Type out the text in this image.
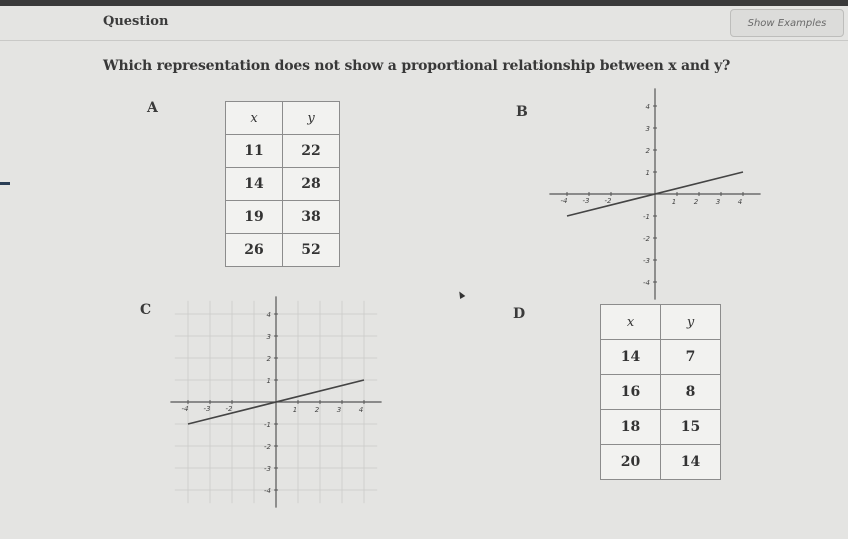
Question	Show Examples
Which representation does not show a proportional relationship between x and y?
A
x	y
11	22
14	28
19	38
26	52
B
-4 -3 -2	1	2	3	4
4
3
2
1
-1
-2
-3
-4
C
-4 -3 -2	1	2	3	4
4
3
2
1
-1
-2
-3
-4
D	x	y
14	7
16	8
18	15
20	14
